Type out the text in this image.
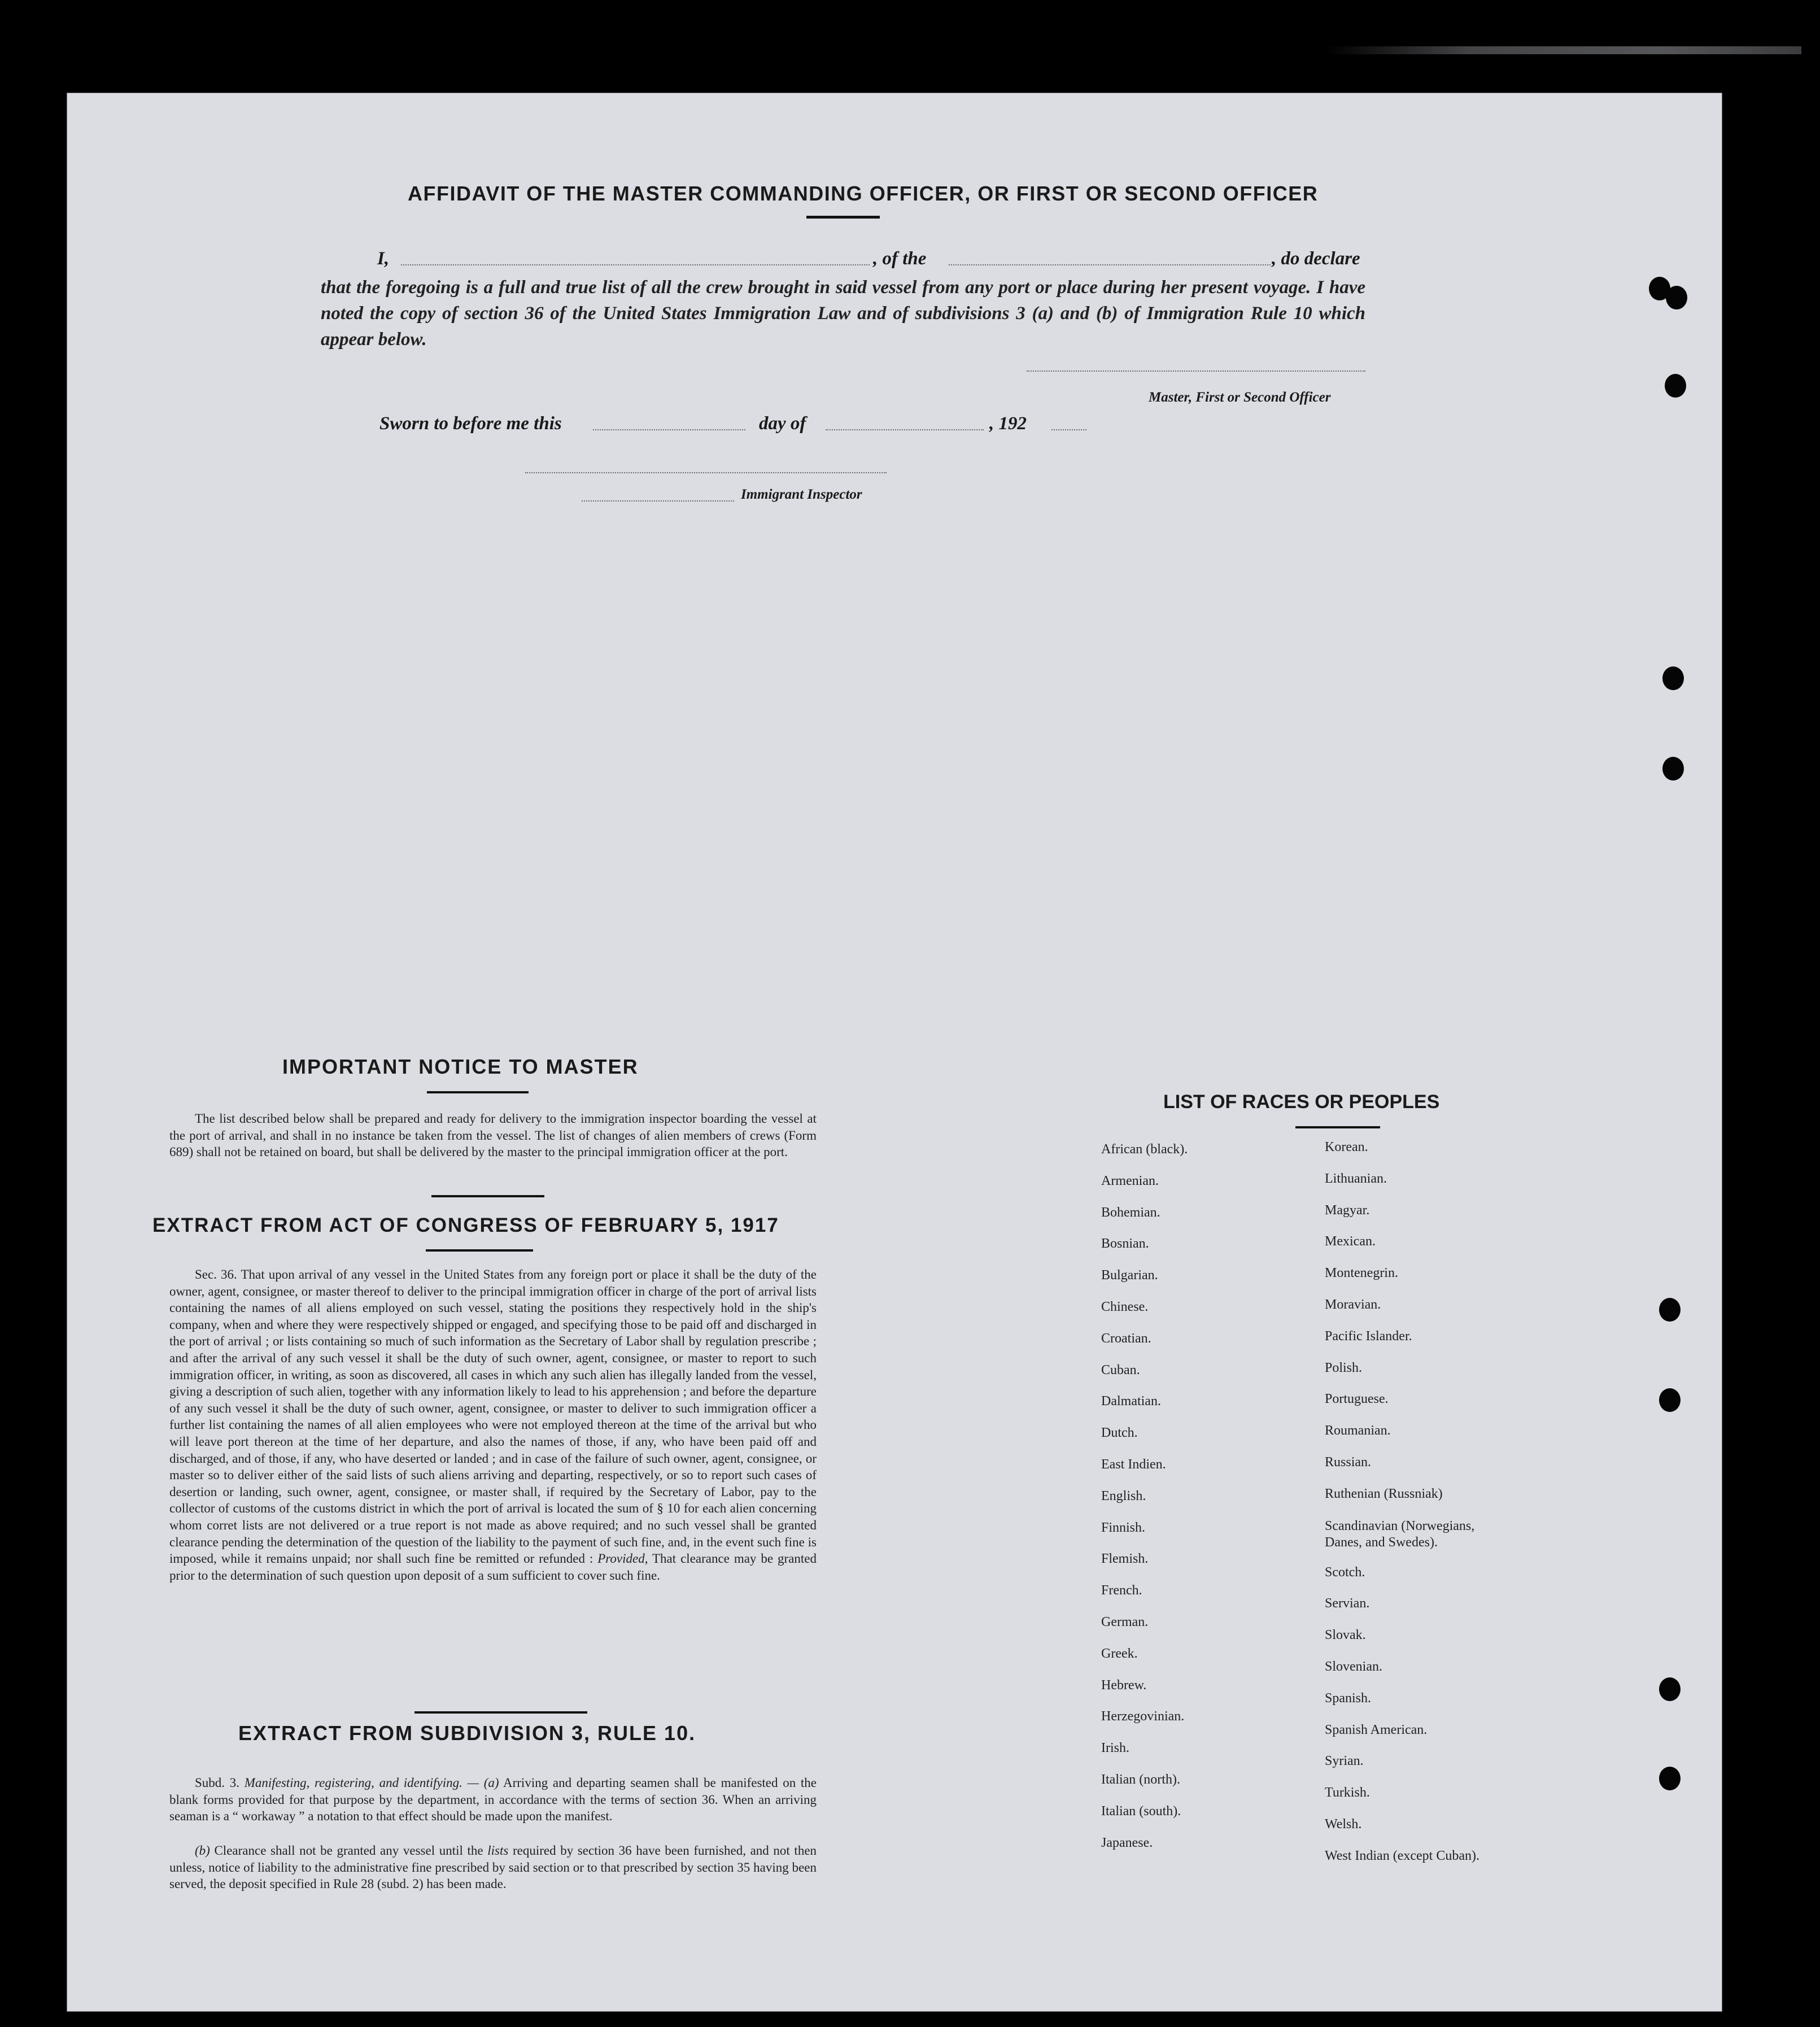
AFFIDAVIT OF THE MASTER COMMANDING OFFICER, OR FIRST OR SECOND OFFICER
I,	, of the	, do declare
that the foregoing is a full and true list of all the crew brought in said vessel from any port or place during her present voyage. I have noted the copy of section 36 of the United States Immigration Law and of subdivisions 3 (a) and (b) of Immigration Rule 10 which appear below.
Master, First or Second Officer
Sworn to before me this	day of	, 192
Immigrant Inspector
IMPORTANT NOTICE TO MASTER
The list described below shall be prepared and ready for delivery to the immigration inspector boarding the vessel at the port of arrival, and shall in no instance be taken from the vessel. The list of changes of alien members of crews (Form 689) shall not be retained on board, but shall be delivered by the master to the principal immigration officer at the port.
EXTRACT FROM ACT OF CONGRESS OF FEBRUARY 5, 1917
Sec. 36. That upon arrival of any vessel in the United States from any foreign port or place it shall be the duty of the owner, agent, consignee, or master thereof to deliver to the principal immigration officer in charge of the port of arrival lists containing the names of all aliens employed on such vessel, stating the positions they respectively hold in the ship's company, when and where they were respectively shipped or engaged, and specifying those to be paid off and discharged in the port of arrival ; or lists containing so much of such information as the Secretary of Labor shall by regulation prescribe ; and after the arrival of any such vessel it shall be the duty of such owner, agent, consignee, or master to report to such immigration officer, in writing, as soon as discovered, all cases in which any such alien has illegally landed from the vessel, giving a description of such alien, together with any information likely to lead to his apprehension ; and before the departure of any such vessel it shall be the duty of such owner, agent, consignee, or master to deliver to such immigration officer a further list containing the names of all alien employees who were not employed thereon at the time of the arrival but who will leave port thereon at the time of her departure, and also the names of those, if any, who have been paid off and discharged, and of those, if any, who have deserted or landed ; and in case of the failure of such owner, agent, consignee, or master so to deliver either of the said lists of such aliens arriving and departing, respectively, or so to report such cases of desertion or landing, such owner, agent, consignee, or master shall, if required by the Secretary of Labor, pay to the collector of customs of the customs district in which the port of arrival is located the sum of § 10 for each alien concerning whom corret lists are not delivered or a true report is not made as above required; and no such vessel shall be granted clearance pending the determination of the question of the liability to the payment of such fine, and, in the event such fine is imposed, while it remains unpaid; nor shall such fine be remitted or refunded : Provided, That clearance may be granted prior to the determination of such question upon deposit of a sum sufficient to cover such fine.
EXTRACT FROM SUBDIVISION 3, RULE 10.
Subd. 3. Manifesting, registering, and identifying. — (a) Arriving and departing seamen shall be manifested on the blank forms provided for that purpose by the department, in accordance with the terms of section 36. When an arriving seaman is a “ workaway ” a notation to that effect should be made upon the manifest.
(b) Clearance shall not be granted any vessel until the lists required by section 36 have been furnished, and not then unless, notice of liability to the administrative fine prescribed by said section or to that prescribed by section 35 having been served, the deposit specified in Rule 28 (subd. 2) has been made.
LIST OF RACES OR PEOPLES
African (black).
Armenian.
Bohemian.
Bosnian.
Bulgarian.
Chinese.
Croatian.
Cuban.
Dalmatian.
Dutch.
East Indien.
English.
Finnish.
Flemish.
French.
German.
Greek.
Hebrew.
Herzegovinian.
Irish.
Italian (north).
Italian (south).
Japanese.
Korean.
Lithuanian.
Magyar.
Mexican.
Montenegrin.
Moravian.
Pacific Islander.
Polish.
Portuguese.
Roumanian.
Russian.
Ruthenian (Russniak)
Scandinavian (Norwegians, Danes, and Swedes).
Scotch.
Servian.
Slovak.
Slovenian.
Spanish.
Spanish American.
Syrian.
Turkish.
Welsh.
West Indian (except Cuban).
